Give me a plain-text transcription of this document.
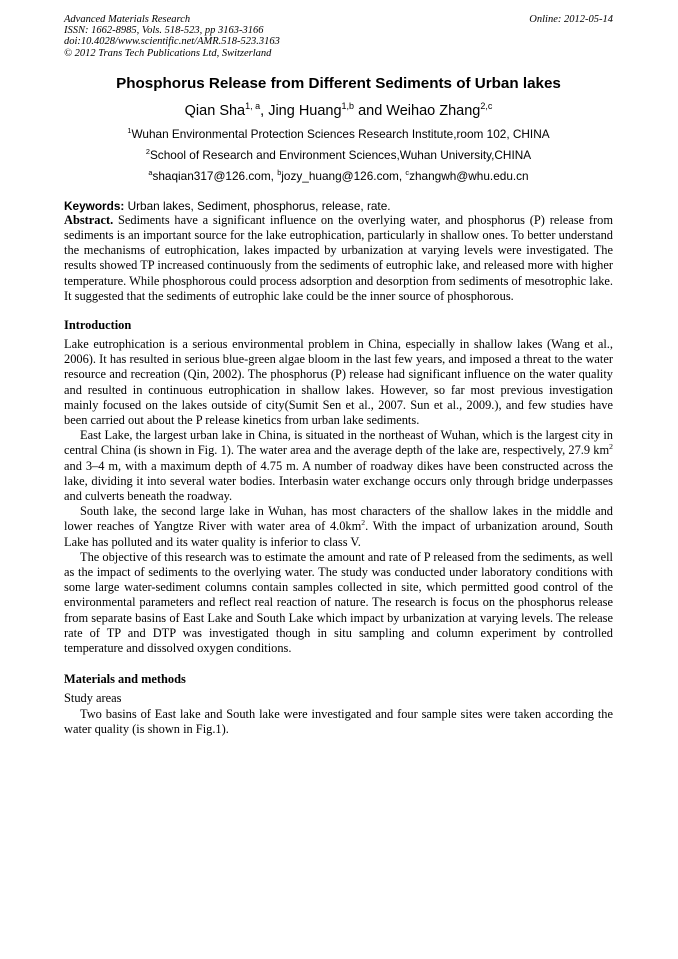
Advanced Materials Research
ISSN: 1662-8985, Vols. 518-523, pp 3163-3166
doi:10.4028/www.scientific.net/AMR.518-523.3163
© 2012 Trans Tech Publications Ltd, Switzerland
Online: 2012-05-14
Phosphorus Release from Different Sediments of Urban lakes
Qian Sha$^{1, a}$, Jing Huang$^{1,b}$ and Weihao Zhang$^{2,c}$
$^1$Wuhan Environmental Protection Sciences Research Institute,room 102, CHINA
$^2$School of Research and Environment Sciences,Wuhan University,CHINA
$^a$shaqian317@126.com, $^b$jozy_huang@126.com, $^c$zhangwh@whu.edu.cn
Keywords: Urban lakes, Sediment, phosphorus, release, rate.

Abstract. Sediments have a significant influence on the overlying water, and phosphorus (P) release from sediments is an important source for the lake eutrophication, particularly in shallow ones. To better understand the mechanisms of eutrophication, lakes impacted by urbanization at varying levels were investigated. The results showed TP increased continuously from the sediments of eutrophic lake, and released more with higher temperature. While phosphorous could process adsorption and desorption from sediments of mesotrophic lake. It suggested that the sediments of eutrophic lake could be the inner source of phosphorous.

Introduction

Lake eutrophication is a serious environmental problem in China, especially in shallow lakes (Wang et al., 2006). It has resulted in serious blue-green algae bloom in the last few years, and imposed a threat to the water resource and recreation (Qin, 2002). The phosphorus (P) release had significant influence on the water quality and resulted in continuous eutrophication in shallow lakes. However, so far most previous investigation mainly focused on the lakes outside of city(Sumit Sen et al., 2007. Sun et al., 2009.), and few studies have been carried out about the P release kinetics from urban lake sediments.

East Lake, the largest urban lake in China, is situated in the northeast of Wuhan, which is the largest city in central China (is shown in Fig. 1). The water area and the average depth of the lake are, respectively, 27.9 $km^2$ and 3–4 m, with a maximum depth of 4.75 m. A number of roadway dikes have been constructed across the lake, dividing it into several water bodies. Interbasin water exchange occurs only through bridge underpasses and culverts beneath the roadway.

South lake, the second large lake in Wuhan, has most characters of the shallow lakes in the middle and lower reaches of Yangtze River with water area of $4.0km^2$. With the impact of urbanization around, South Lake has polluted and its water quality is inferior to class V.

The objective of this research was to estimate the amount and rate of P released from the sediments, as well as the impact of sediments to the overlying water. The study was conducted under laboratory conditions with some large water-sediment columns contain samples collected in site, which permitted good control of the environmental parameters and reflect real reaction of nature. The research is focus on the phosphorus release from separate basins of East Lake and South Lake which impact by urbanization at varying levels. The release rate of TP and DTP was investigated though in situ sampling and column experiment by controlled temperature and dissolved oxygen conditions.

Materials and methods
Study areas

Two basins of East lake and South lake were investigated and four sample sites were taken according the water quality (is shown in Fig.1).
